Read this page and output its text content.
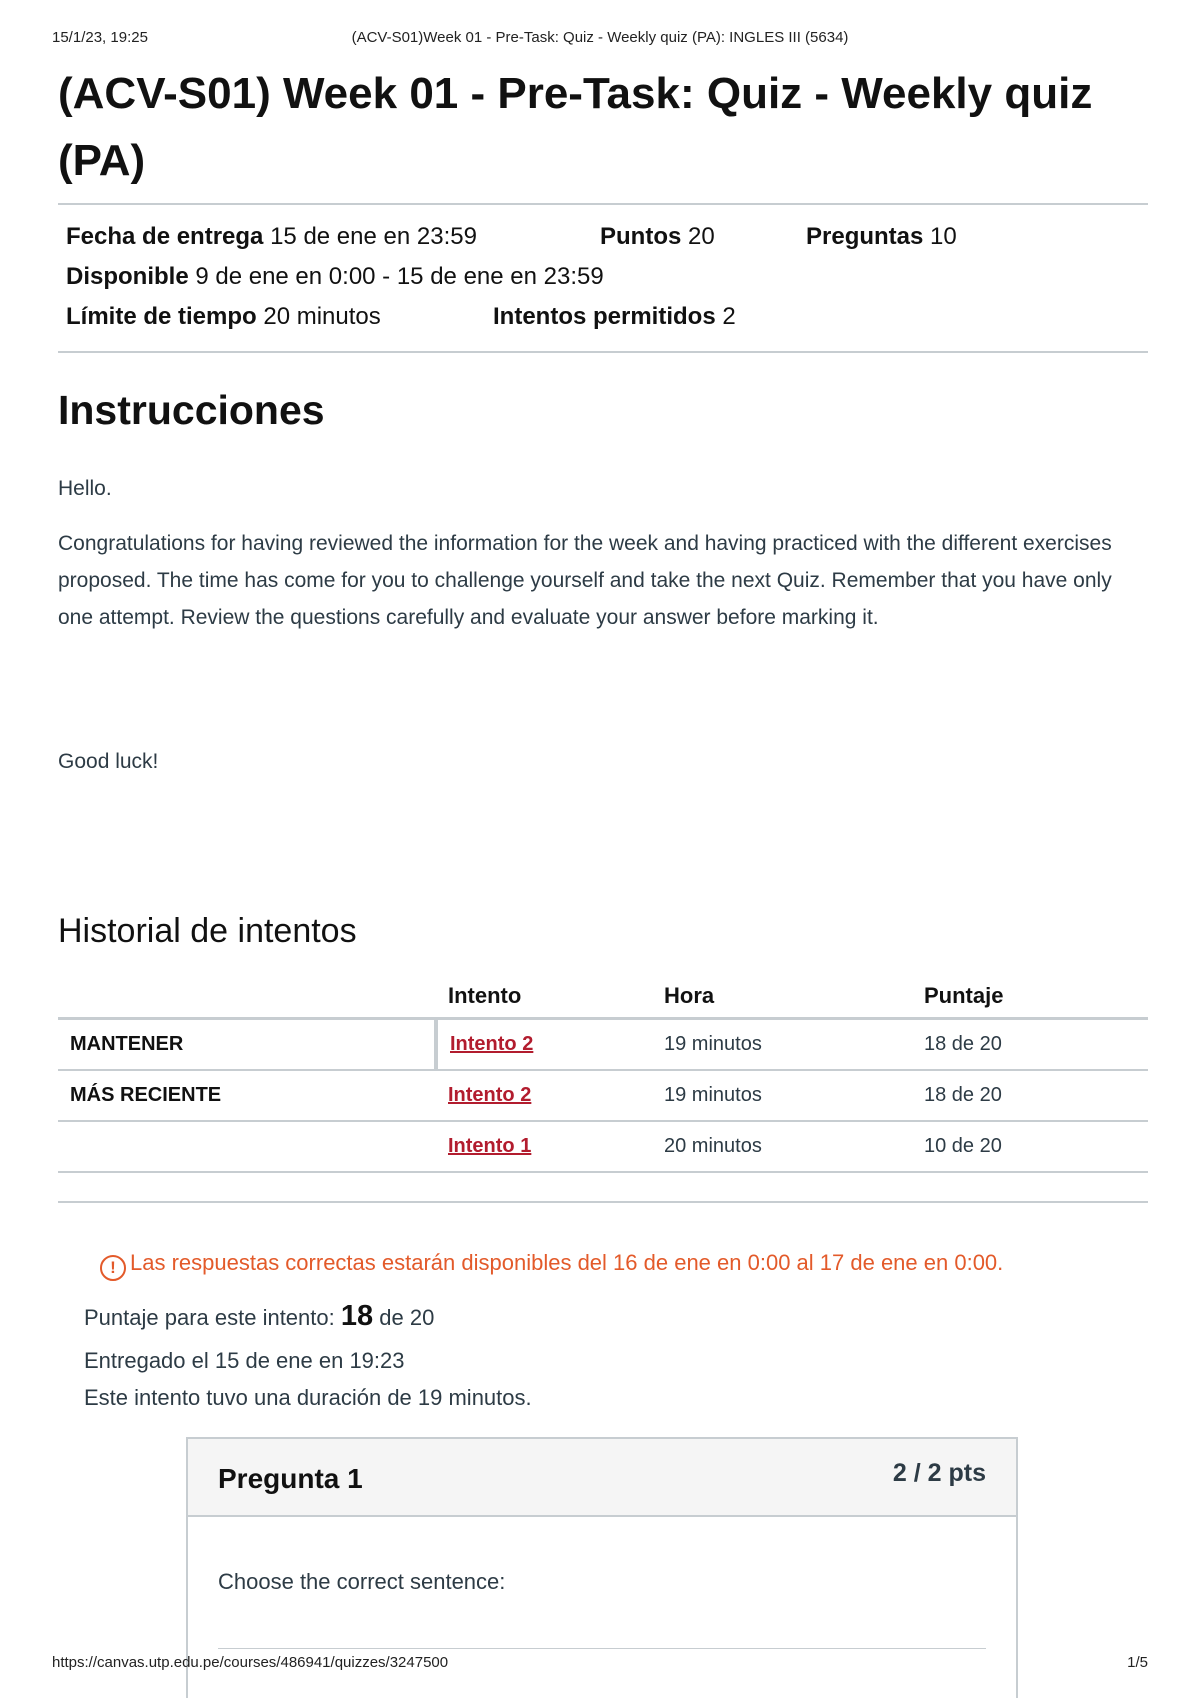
15/1/23, 19:25	(ACV-S01)Week 01 - Pre-Task: Quiz - Weekly quiz (PA): INGLES III (5634)
(ACV-S01) Week 01 - Pre-Task: Quiz - Weekly quiz (PA)
Fecha de entrega 15 de ene en 23:59	Puntos 20	Preguntas 10
Disponible 9 de ene en 0:00 - 15 de ene en 23:59
Límite de tiempo 20 minutos	Intentos permitidos 2
Instrucciones

Hello.

Congratulations for having reviewed the information for the week and having practiced with the different exercises proposed. The time has come for you to challenge yourself and take the next Quiz. Remember that you have only one attempt. Review the questions carefully and evaluate your answer before marking it.

Good luck!

Historial de intentos
	Intento	Hora	Puntaje
MANTENER	Intento 2	19 minutos	18 de 20
MÁS RECIENTE	Intento 2	19 minutos	18 de 20
	Intento 1	20 minutos	10 de 20
! Las respuestas correctas estarán disponibles del 16 de ene en 0:00 al 17 de ene en 0:00.
Puntaje para este intento: 18 de 20
Entregado el 15 de ene en 19:23
Este intento tuvo una duración de 19 minutos.
Pregunta 1	2 / 2 pts
Choose the correct sentence:
https://canvas.utp.edu.pe/courses/486941/quizzes/3247500	1/5
